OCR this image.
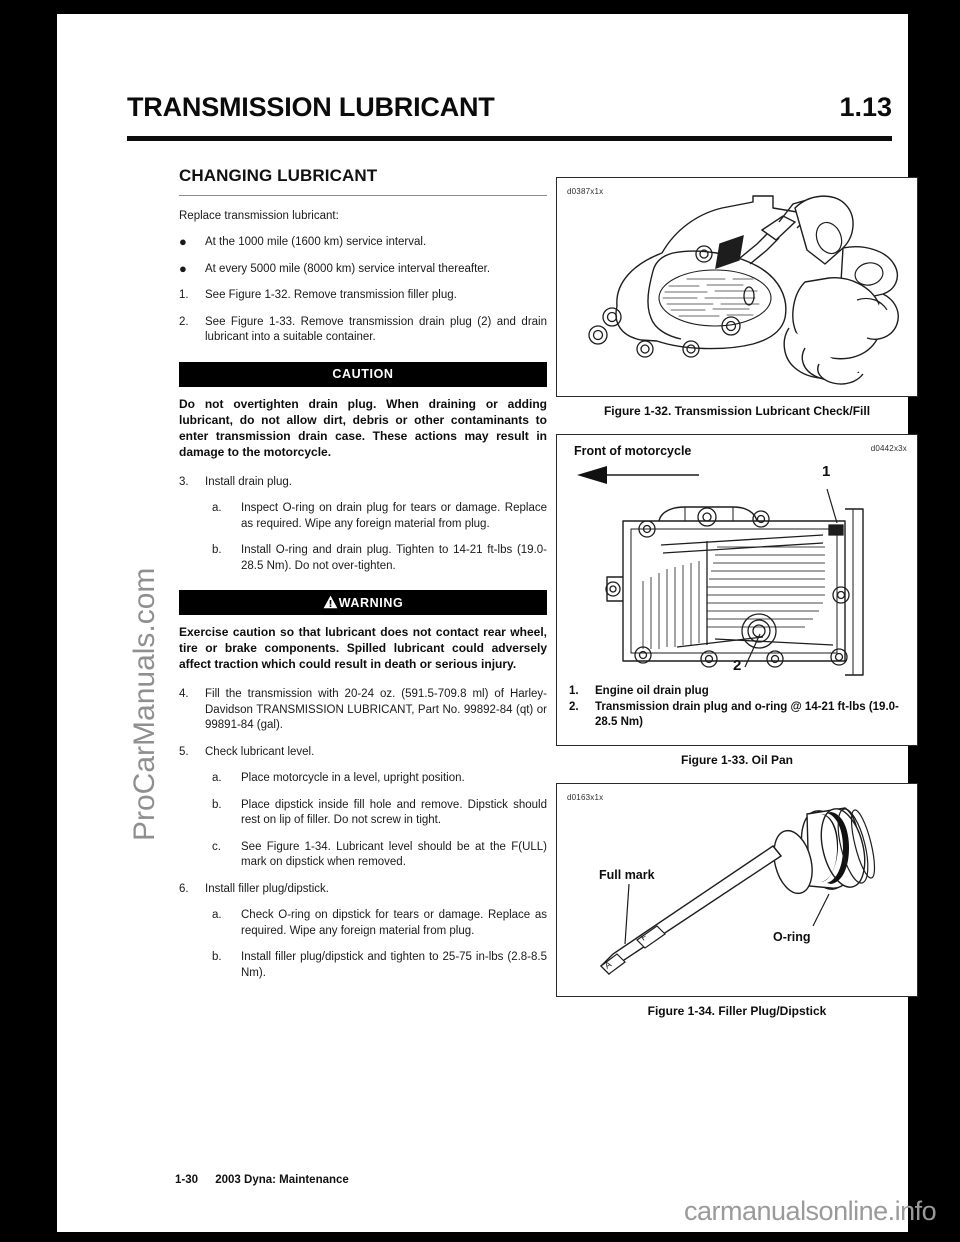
TRANSMISSION LUBRICANT	1.13
CHANGING LUBRICANT

Replace transmission lubricant:

●	At the 1000 mile (1600 km) service interval.
●	At every 5000 mile (8000 km) service interval thereafter.
1.	See Figure 1-32. Remove transmission filler plug.
2.	See Figure 1-33. Remove transmission drain plug (2) and drain lubricant into a suitable container.
CAUTION

Do not overtighten drain plug. When draining or adding lubricant, do not allow dirt, debris or other contaminants to enter transmission drain case. These actions may result in damage to the motorcycle.

3.	Install drain plug.
a.	Inspect O-ring on drain plug for tears or damage. Replace as required. Wipe any foreign material from plug.
b.	Install O-ring and drain plug. Tighten to 14-21 ft-lbs (19.0-28.5 Nm). Do not over-tighten.
WARNING

Exercise caution so that lubricant does not contact rear wheel, tire or brake components. Spilled lubricant could adversely affect traction which could result in death or serious injury.

4.	Fill the transmission with 20-24 oz. (591.5-709.8 ml) of Harley-Davidson TRANSMISSION LUBRICANT, Part No. 99892-84 (qt) or 99891-84 (gal).
5.	Check lubricant level.
a.	Place motorcycle in a level, upright position.
b.	Place dipstick inside fill hole and remove. Dipstick should rest on lip of filler. Do not screw in tight.
c.	See Figure 1-34. Lubricant level should be at the F(ULL) mark on dipstick when removed.
6.	Install filler plug/dipstick.
a.	Check O-ring on dipstick for tears or damage. Replace as required. Wipe any foreign material from plug.
b.	Install filler plug/dipstick and tighten to 25-75 in-lbs (2.8-8.5 Nm).
d0387x1x
Figure 1-32. Transmission Lubricant Check/Fill
d0442x3x
Front of motorcycle
1
2
1. Engine oil drain plug
2. Transmission drain plug and o-ring @ 14-21 ft-lbs (19.0-28.5 Nm)
Figure 1-33. Oil Pan
d0163x1x
Full mark
O-ring
F
A
Figure 1-34. Filler Plug/Dipstick
1-30 2003 Dyna: Maintenance
ProCarManuals.com
carmanualsonline.info
